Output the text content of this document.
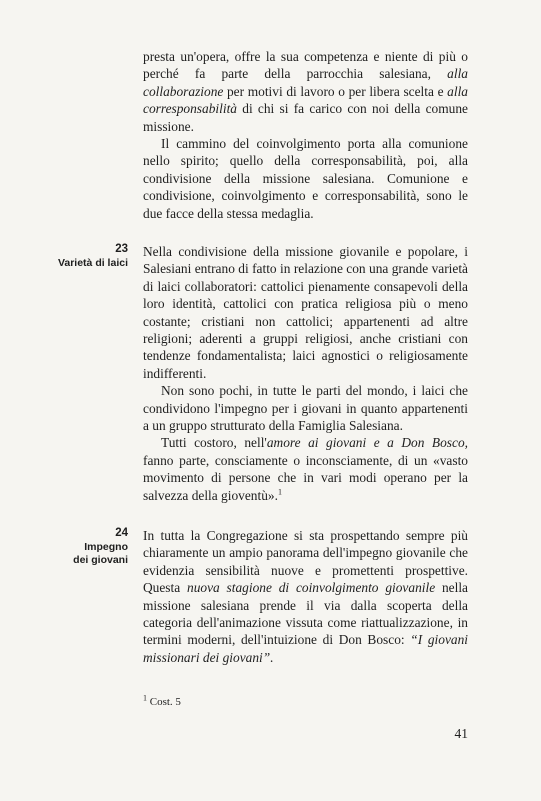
presta un'opera, offre la sua competenza e niente di più o perché fa parte della parrocchia salesiana, alla collaborazione per motivi di lavoro o per libera scelta e alla corresponsabilità di chi si fa carico con noi della comune missione.

Il cammino del coinvolgimento porta alla comunione nello spirito; quello della corresponsabilità, poi, alla condivisione della missione salesiana. Comunione e condivisione, coinvolgimento e corresponsabilità, sono le due facce della stessa medaglia.

23
Varietà di laici

Nella condivisione della missione giovanile e popolare, i Salesiani entrano di fatto in relazione con una grande varietà di laici collaboratori: cattolici pienamente consapevoli della loro identità, cattolici con pratica religiosa più o meno costante; cristiani non cattolici; appartenenti ad altre religioni; aderenti a gruppi religiosi, anche cristiani con tendenze fondamentalista; laici agnostici o religiosamente indifferenti.

Non sono pochi, in tutte le parti del mondo, i laici che condividono l'impegno per i giovani in quanto appartenenti a un gruppo strutturato della Famiglia Salesiana.

Tutti costoro, nell'amore ai giovani e a Don Bosco, fanno parte, consciamente o inconsciamente, di un «vasto movimento di persone che in vari modi operano per la salvezza della gioventù».$^1$

24
Impegno
dei giovani

In tutta la Congregazione si sta prospettando sempre più chiaramente un ampio panorama dell'impegno giovanile che evidenzia sensibilità nuove e promettenti prospettive. Questa nuova stagione di coinvolgimento giovanile nella missione salesiana prende il via dalla scoperta della categoria dell'animazione vissuta come riattualizzazione, in termini moderni, dell'intuizione di Don Bosco: “I giovani missionari dei giovani”.

$^1$ Cost. 5
41
